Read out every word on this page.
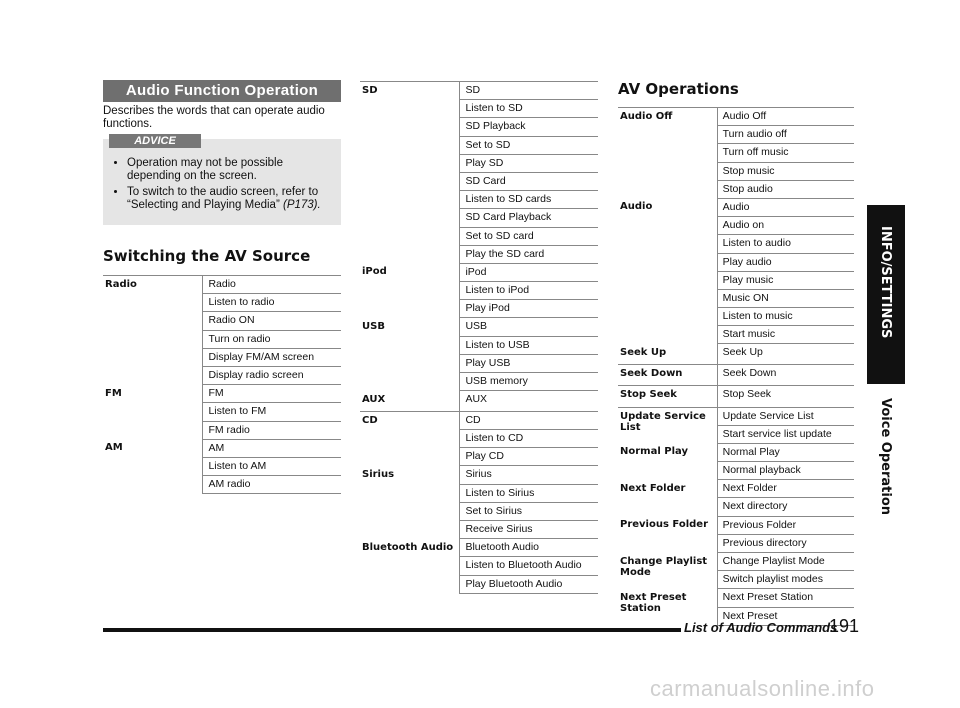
Audio Function Operation
Describes the words that can operate audio functions.
ADVICE
• Operation may not be possible depending on the screen.
• To switch to the audio screen, refer to “Selecting and Playing Media” (P173).
Switching the AV Source
Radio	Radio
	Listen to radio
	Radio ON
	Turn on radio
	Display FM/AM screen
	Display radio screen
FM	FM
	Listen to FM
	FM radio
AM	AM
	Listen to AM
	AM radio
SD	SD
	Listen to SD
	SD Playback
	Set to SD
	Play SD
	SD Card
	Listen to SD cards
	SD Card Playback
	Set to SD card
	Play the SD card
iPod	iPod
	Listen to iPod
	Play iPod
USB	USB
	Listen to USB
	Play USB
	USB memory
AUX	AUX
CD	CD
	Listen to CD
	Play CD
Sirius	Sirius
	Listen to Sirius
	Set to Sirius
	Receive Sirius
Bluetooth Audio	Bluetooth Audio
	Listen to Bluetooth Audio
	Play Bluetooth Audio
AV Operations
Audio Off	Audio Off
	Turn audio off
	Turn off music
	Stop music
	Stop audio
Audio	Audio
	Audio on
	Listen to audio
	Play audio
	Play music
	Music ON
	Listen to music
	Start music
Seek Up	Seek Up
Seek Down	Seek Down
Stop Seek	Stop Seek
Update Service List	Update Service List
	Start service list update
Normal Play	Normal Play
	Normal playback
Next Folder	Next Folder
	Next directory
Previous Folder	Previous Folder
	Previous directory
Change Playlist Mode	Change Playlist Mode
	Switch playlist modes
Next Preset Station	Next Preset Station
	Next Preset
INFO/SETTINGS
Voice Operation
List of Audio Commands
191
carmanualsonline.info
